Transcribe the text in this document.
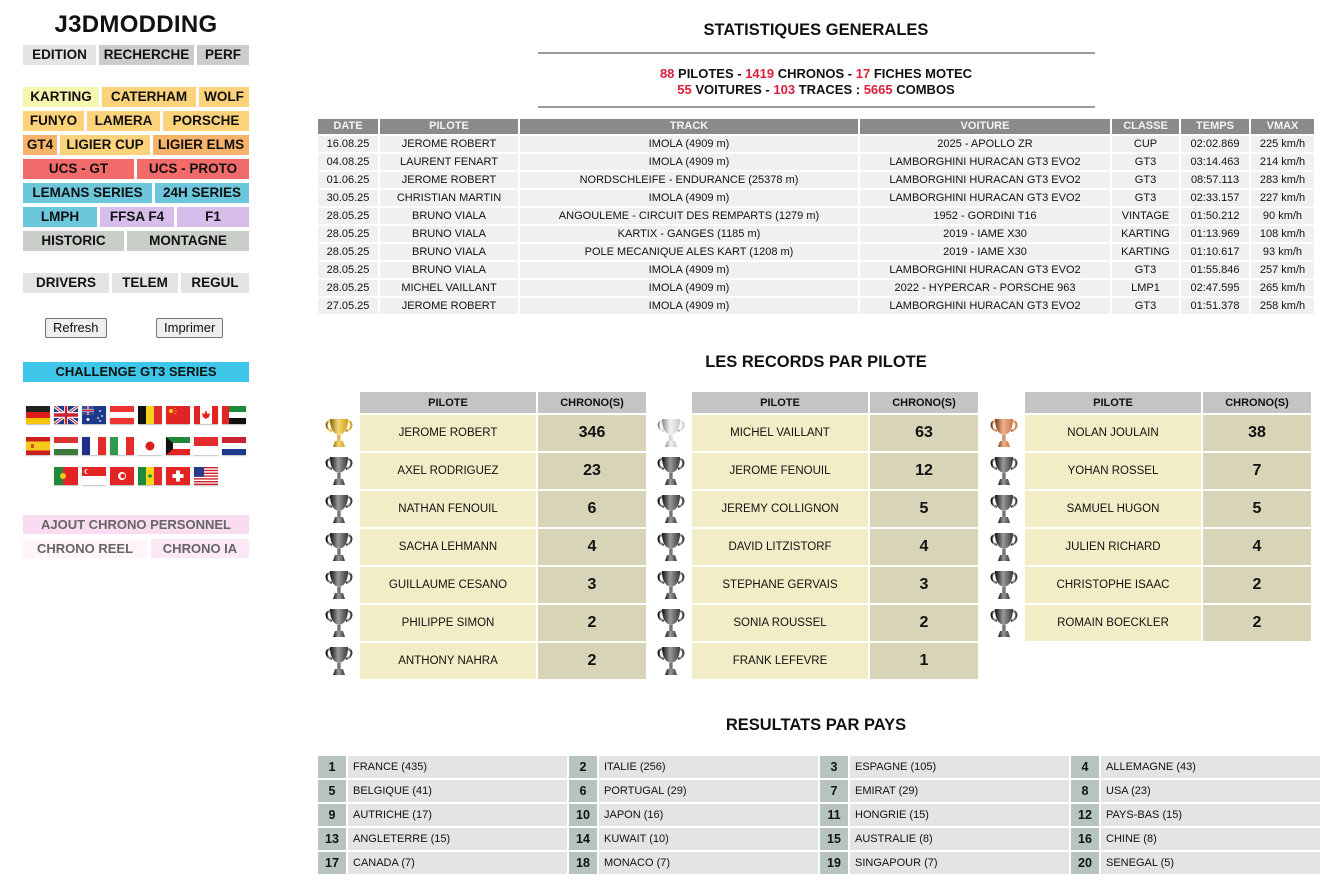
J3DMODDING
EDITION	RECHERCHE	PERF
KARTING	CATERHAM	WOLF
FUNYO	LAMERA	PORSCHE
GT4 LIGIER CUP	LIGIER ELMS
UCS - GT	UCS - PROTO
LEMANS SERIES	24H SERIES
LMPH	FFSA F4	F1
HISTORIC	MONTAGNE
DRIVERS	TELEM	REGUL
Refresh	Imprimer
CHALLENGE GT3 SERIES
AJOUT CHRONO PERSONNEL
CHRONO REEL	CHRONO IA
STATISTIQUES GENERALES
88 PILOTES - 1419 CHRONOS - 17 FICHES MOTEC
55 VOITURES - 103 TRACES : 5665 COMBOS
DATE	PILOTE	TRACK	VOITURE	CLASSE	TEMPS	VMAX
16.08.25	JEROME ROBERT	IMOLA (4909 m)	2025 - APOLLO ZR	CUP	02:02.869	225 km/h
04.08.25	LAURENT FENART	IMOLA (4909 m)	LAMBORGHINI HURACAN GT3 EVO2	GT3	03:14.463	214 km/h
01.06.25	JEROME ROBERT	NORDSCHLEIFE - ENDURANCE (25378 m)	LAMBORGHINI HURACAN GT3 EVO2	GT3	08:57.113	283 km/h
30.05.25	CHRISTIAN MARTIN	IMOLA (4909 m)	LAMBORGHINI HURACAN GT3 EVO2	GT3	02:33.157	227 km/h
28.05.25	BRUNO VIALA	ANGOULEME - CIRCUIT DES REMPARTS (1279 m)	1952 - GORDINI T16	VINTAGE	01:50.212	90 km/h
28.05.25	BRUNO VIALA	KARTIX - GANGES (1185 m)	2019 - IAME X30	KARTING	01:13.969	108 km/h
28.05.25	BRUNO VIALA	POLE MECANIQUE ALES KART (1208 m)	2019 - IAME X30	KARTING	01:10.617	93 km/h
28.05.25	BRUNO VIALA	IMOLA (4909 m)	LAMBORGHINI HURACAN GT3 EVO2	GT3	01:55.846	257 km/h
28.05.25	MICHEL VAILLANT	IMOLA (4909 m)	2022 - HYPERCAR - PORSCHE 963	LMP1	02:47.595	265 km/h
27.05.25	JEROME ROBERT	IMOLA (4909 m)	LAMBORGHINI HURACAN GT3 EVO2	GT3	01:51.378	258 km/h
LES RECORDS PAR PILOTE
	PILOTE	CHRONO(S)

	JEROME ROBERT	346

	AXEL RODRIGUEZ	23

	NATHAN FENOUIL	6

	SACHA LEHMANN	4

	GUILLAUME CESANO	3

	PHILIPPE SIMON	2

	ANTHONY NAHRA	2
	PILOTE	CHRONO(S)

	MICHEL VAILLANT	63

	JEROME FENOUIL	12

	JEREMY COLLIGNON	5

	DAVID LITZISTORF	4

	STEPHANE GERVAIS	3

	SONIA ROUSSEL	2

	FRANK LEFEVRE	1
	PILOTE	CHRONO(S)

	NOLAN JOULAIN	38

	YOHAN ROSSEL	7

	SAMUEL HUGON	5

	JULIEN RICHARD	4

	CHRISTOPHE ISAAC	2

	ROMAIN BOECKLER	2
RESULTATS PAR PAYS
1	FRANCE (435)	2	ITALIE (256)	3	ESPAGNE (105)	4	ALLEMAGNE (43)
5	BELGIQUE (41)	6	PORTUGAL (29)	7	EMIRAT (29)	8	USA (23)
9	AUTRICHE (17)	10	JAPON (16)	11	HONGRIE (15)	12	PAYS-BAS (15)
13	ANGLETERRE (15)	14	KUWAIT (10)	15	AUSTRALIE (8)	16	CHINE (8)
17	CANADA (7)	18	MONACO (7)	19	SINGAPOUR (7)	20	SENEGAL (5)
